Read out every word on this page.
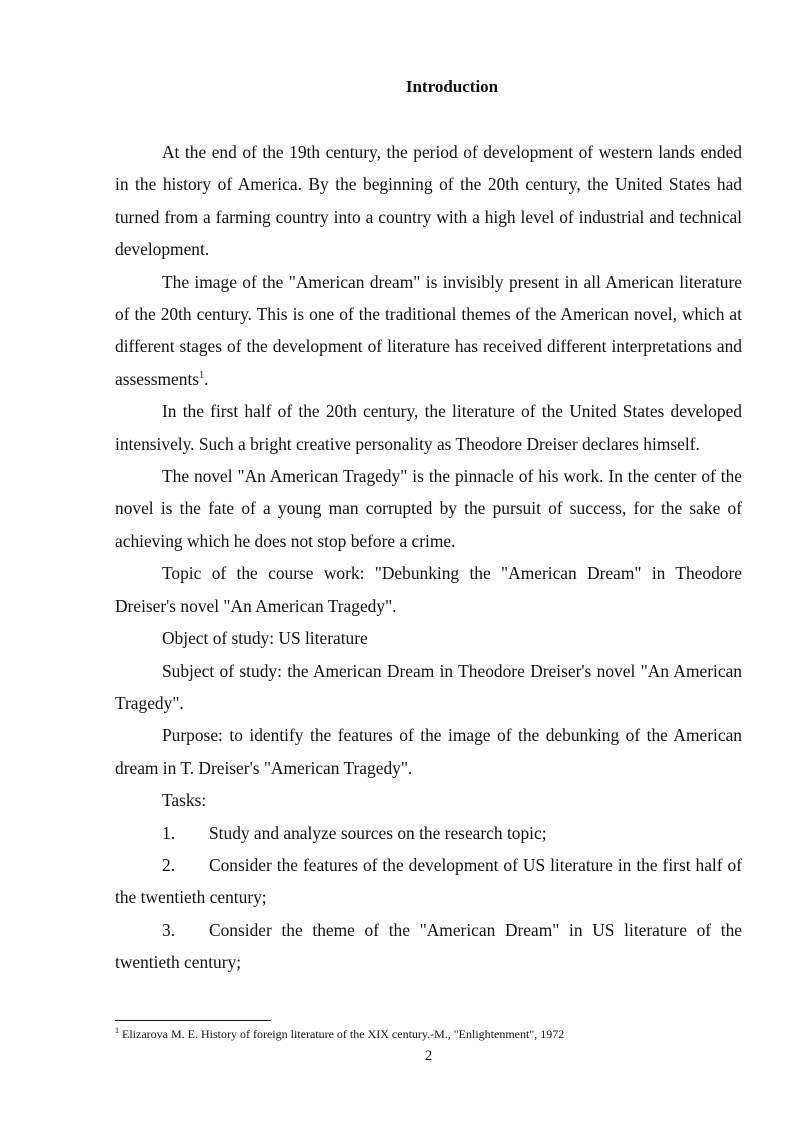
Introduction

At the end of the 19th century, the period of development of western lands ended in the history of America. By the beginning of the 20th century, the United States had turned from a farming country into a country with a high level of industrial and technical development.

The image of the "American dream" is invisibly present in all American literature of the 20th century. This is one of the traditional themes of the American novel, which at different stages of the development of literature has received different interpretations and assessments$^1$.

In the first half of the 20th century, the literature of the United States developed intensively. Such a bright creative personality as Theodore Dreiser declares himself.

The novel "An American Tragedy" is the pinnacle of his work. In the center of the novel is the fate of a young man corrupted by the pursuit of success, for the sake of achieving which he does not stop before a crime.

Topic of the course work: "Debunking the "American Dream" in Theodore Dreiser's novel "An American Tragedy".

Object of study: US literature

Subject of study: the American Dream in Theodore Dreiser's novel "An American Tragedy".

Purpose: to identify the features of the image of the debunking of the American dream in T. Dreiser's "American Tragedy".

Tasks:

1. Study and analyze sources on the research topic;

2. Consider the features of the development of US literature in the first half of the twentieth century;

3. Consider the theme of the "American Dream" in US literature of the twentieth century;

$^1$ Elizarova M. E. History of foreign literature of the XIX century.-M., "Enlightenment", 1972
2
